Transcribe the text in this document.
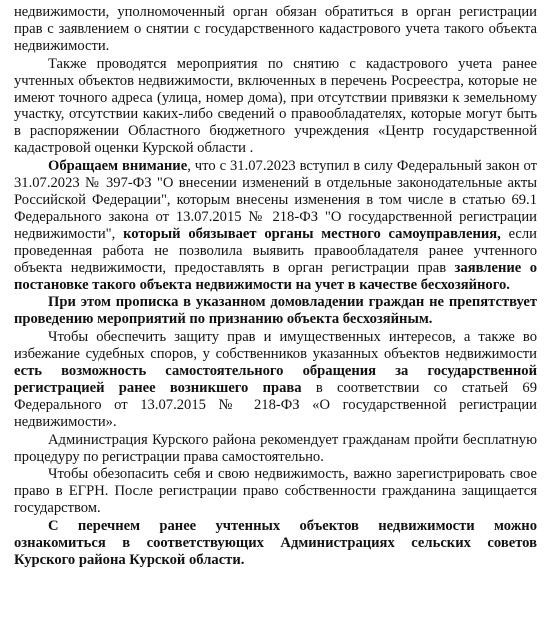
недвижимости, уполномоченный орган обязан обратиться в орган регистрации прав с заявлением о снятии с государственного кадастрового учета такого объекта недвижимости.

Также проводятся мероприятия по снятию с кадастрового учета ранее учтенных объектов недвижимости, включенных в перечень Росреестра, которые не имеют точного адреса (улица, номер дома), при отсутствии привязки к земельному участку, отсутствии каких-либо сведений о правообладателях, которые могут быть в распоряжении Областного бюджетного учреждения «Центр государственной кадастровой оценки Курской области .

Обращаем внимание, что с 31.07.2023 вступил в силу Федеральный закон от 31.07.2023 № 397-ФЗ "О внесении изменений в отдельные законодательные акты Российской Федерации", которым внесены изменения в том числе в статью 69.1 Федерального закона от 13.07.2015 № 218-ФЗ "О государственной регистрации недвижимости", который обязывает органы местного самоуправления, если проведенная работа не позволила выявить правообладателя ранее учтенного объекта недвижимости, предоставлять в орган регистрации прав заявление о постановке такого объекта недвижимости на учет в качестве бесхозяйного.

При этом прописка в указанном домовладении граждан не препятствует проведению мероприятий по признанию объекта бесхозяйным.

Чтобы обеспечить защиту прав и имущественных интересов, а также во избежание судебных споров, у собственников указанных объектов недвижимости есть возможность самостоятельного обращения за государственной регистрацией ранее возникшего права в соответствии со статьей 69 Федерального от 13.07.2015 № 218-ФЗ «О государственной регистрации недвижимости».

Администрация Курского района рекомендует гражданам пройти бесплатную процедуру по регистрации права самостоятельно.

Чтобы обезопасить себя и свою недвижимость, важно зарегистрировать свое право в ЕГРН. После регистрации право собственности гражданина защищается государством.

С перечнем ранее учтенных объектов недвижимости можно ознакомиться в соответствующих Администрациях сельских советов Курского района Курской области.
